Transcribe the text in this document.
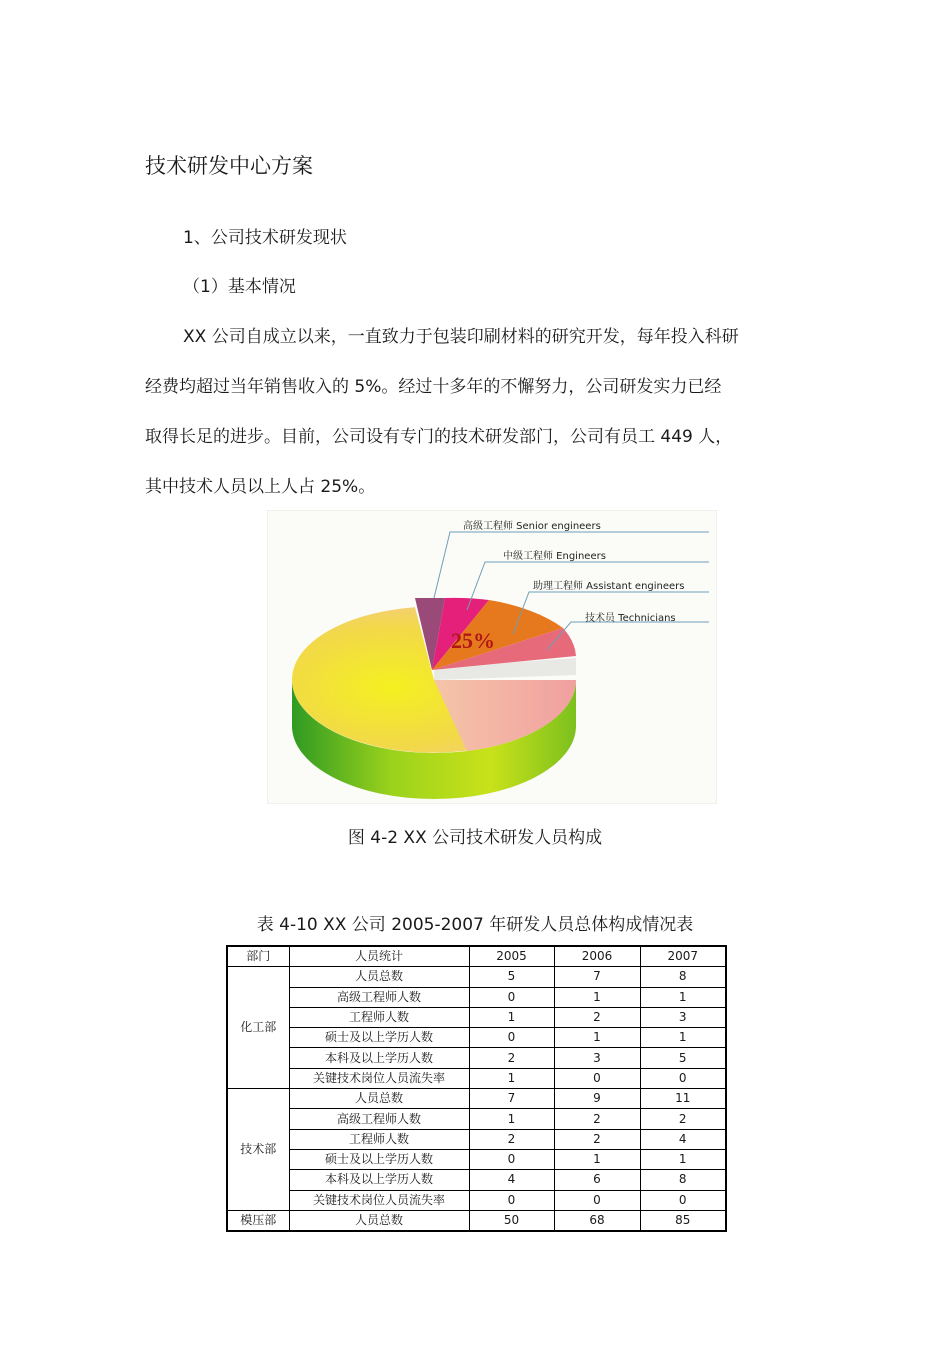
技术研发中心方案
1、公司技术研发现状
（1）基本情况
XX 公司自成立以来，一直致力于包装印刷材料的研究开发，每年投入科研
经费均超过当年销售收入的 5%。经过十多年的不懈努力，公司研发实力已经
取得长足的进步。目前，公司设有专门的技术研发部门，公司有员工 449 人，
其中技术人员以上人占 25%。
25%
高级工程师 Senior engineers
中级工程师 Engineers
助理工程师 Assistant engineers
技术员 Technicians
图 4-2 XX 公司技术研发人员构成
表 4-10 XX 公司 2005-2007 年研发人员总体构成情况表
部门	人员统计	2005	2006	2007
化工部	人员总数	5	7	8
	高级工程师人数	0	1	1
	工程师人数	1	2	3
	硕士及以上学历人数	0	1	1
	本科及以上学历人数	2	3	5
	关键技术岗位人员流失率	1	0	0
技术部	人员总数	7	9	11
	高级工程师人数	1	2	2
	工程师人数	2	2	4
	硕士及以上学历人数	0	1	1
	本科及以上学历人数	4	6	8
	关键技术岗位人员流失率	0	0	0
模压部	人员总数	50	68	85
